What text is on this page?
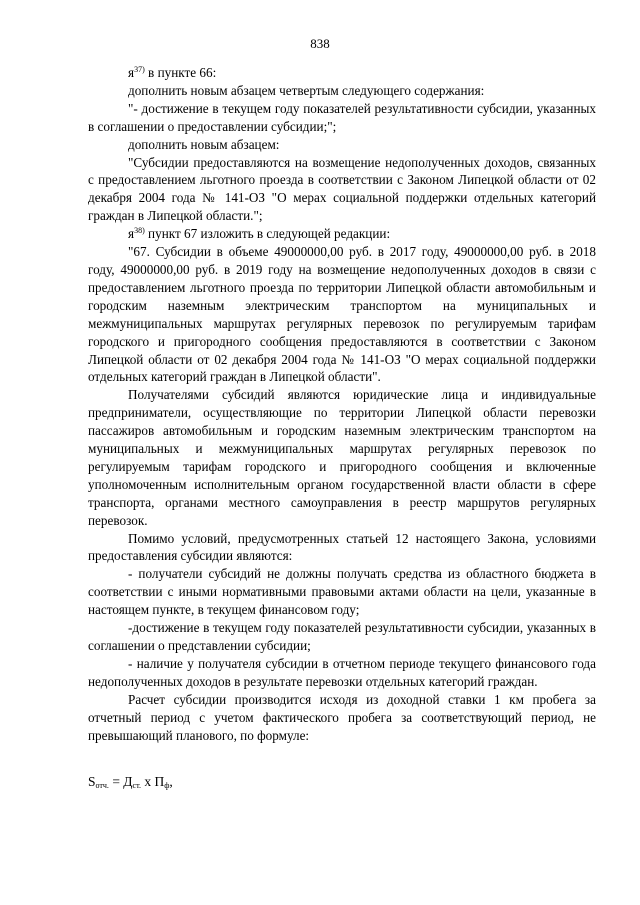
838

$я^{37)}$ в пункте 66:

дополнить новым абзацем четвертым следующего содержания:

"- достижение в текущем году показателей результативности субсидии, указанных в соглашении о предоставлении субсидии;";

дополнить новым абзацем:

"Субсидии предоставляются на возмещение недополученных доходов, связанных с предоставлением льготного проезда в соответствии с Законом Липецкой области от 02 декабря 2004 года № 141-ОЗ "О мерах социальной поддержки отдельных категорий граждан в Липецкой области.";

$я^{38)}$ пункт 67 изложить в следующей редакции:

"67. Субсидии в объеме 49000000,00 руб. в 2017 году, 49000000,00 руб. в 2018 году, 49000000,00 руб. в 2019 году на возмещение недополученных доходов в связи с предоставлением льготного проезда по территории Липецкой области автомобильным и городским наземным электрическим транспортом на муниципальных и межмуниципальных маршрутах регулярных перевозок по регулируемым тарифам городского и пригородного сообщения предоставляются в соответствии с Законом Липецкой области от 02 декабря 2004 года № 141-ОЗ "О мерах социальной поддержки отдельных категорий граждан в Липецкой области".

Получателями субсидий являются юридические лица и индивидуальные предприниматели, осуществляющие по территории Липецкой области перевозки пассажиров автомобильным и городским наземным электрическим транспортом на муниципальных и межмуниципальных маршрутах регулярных перевозок по регулируемым тарифам городского и пригородного сообщения и включенные уполномоченным исполнительным органом государственной власти области в сфере транспорта, органами местного самоуправления в реестр маршрутов регулярных перевозок.

Помимо условий, предусмотренных статьей 12 настоящего Закона, условиями предоставления субсидии являются:

- получатели субсидий не должны получать средства из областного бюджета в соответствии с иными нормативными правовыми актами области на цели, указанные в настоящем пункте, в текущем финансовом году;

-достижение в текущем году показателей результативности субсидии, указанных в соглашении о представлении субсидии;

- наличие у получателя субсидии в отчетном периоде текущего финансового года недополученных доходов в результате перевозки отдельных категорий граждан.

Расчет субсидии производится исходя из доходной ставки 1 км пробега за отчетный период с учетом фактического пробега за соответствующий период, не превышающий планового, по формуле:

$S_{отч.} = Д_{ст.}$ х $П_ф$,
